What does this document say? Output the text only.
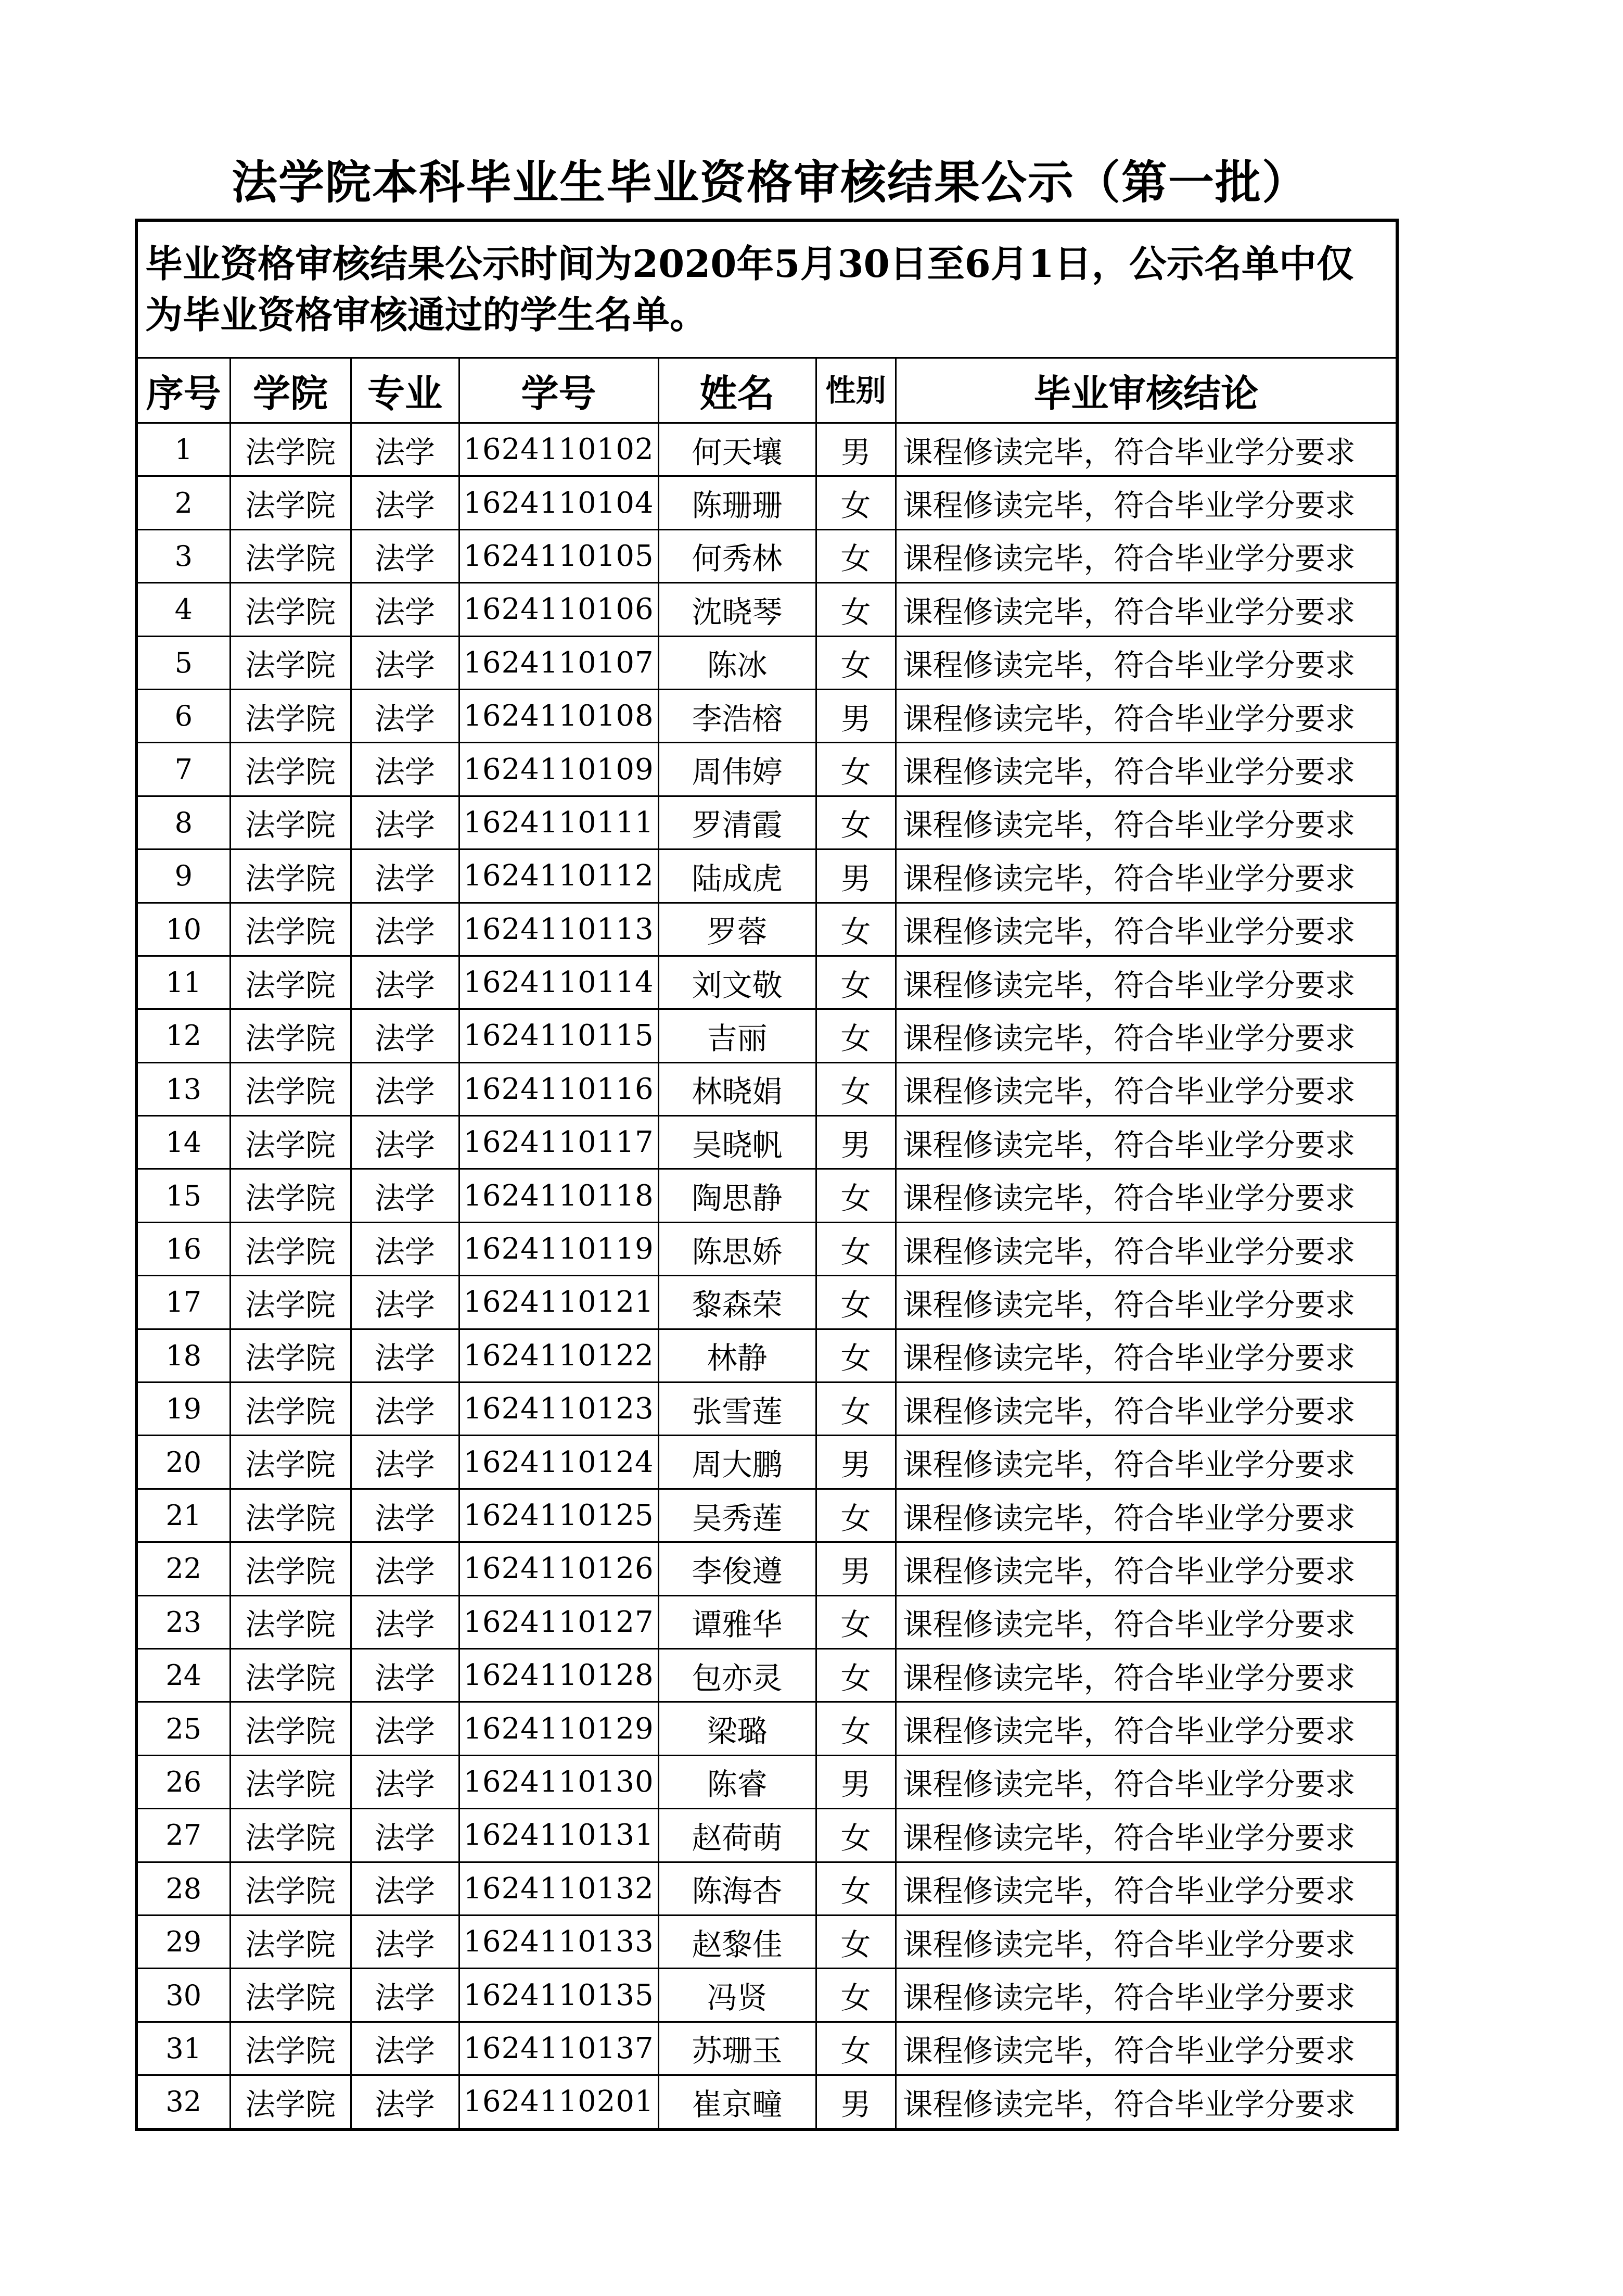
法学院本科毕业生毕业资格审核结果公示（第一批）
毕业资格审核结果公示时间为2020年5月30日至6月1日，公示名单中仅为毕业资格审核通过的学生名单。						
序号	学院	专业	学号	姓名	性别	毕业审核结论
1	法学院	法学	1624110102	何天壤	男	课程修读完毕，符合毕业学分要求
2	法学院	法学	1624110104	陈珊珊	女	课程修读完毕，符合毕业学分要求
3	法学院	法学	1624110105	何秀林	女	课程修读完毕，符合毕业学分要求
4	法学院	法学	1624110106	沈晓琴	女	课程修读完毕，符合毕业学分要求
5	法学院	法学	1624110107	陈冰	女	课程修读完毕，符合毕业学分要求
6	法学院	法学	1624110108	李浩榕	男	课程修读完毕，符合毕业学分要求
7	法学院	法学	1624110109	周伟婷	女	课程修读完毕，符合毕业学分要求
8	法学院	法学	1624110111	罗清霞	女	课程修读完毕，符合毕业学分要求
9	法学院	法学	1624110112	陆成虎	男	课程修读完毕，符合毕业学分要求
10	法学院	法学	1624110113	罗蓉	女	课程修读完毕，符合毕业学分要求
11	法学院	法学	1624110114	刘文敬	女	课程修读完毕，符合毕业学分要求
12	法学院	法学	1624110115	吉丽	女	课程修读完毕，符合毕业学分要求
13	法学院	法学	1624110116	林晓娟	女	课程修读完毕，符合毕业学分要求
14	法学院	法学	1624110117	吴晓帆	男	课程修读完毕，符合毕业学分要求
15	法学院	法学	1624110118	陶思静	女	课程修读完毕，符合毕业学分要求
16	法学院	法学	1624110119	陈思娇	女	课程修读完毕，符合毕业学分要求
17	法学院	法学	1624110121	黎森荣	女	课程修读完毕，符合毕业学分要求
18	法学院	法学	1624110122	林静	女	课程修读完毕，符合毕业学分要求
19	法学院	法学	1624110123	张雪莲	女	课程修读完毕，符合毕业学分要求
20	法学院	法学	1624110124	周大鹏	男	课程修读完毕，符合毕业学分要求
21	法学院	法学	1624110125	吴秀莲	女	课程修读完毕，符合毕业学分要求
22	法学院	法学	1624110126	李俊遵	男	课程修读完毕，符合毕业学分要求
23	法学院	法学	1624110127	谭雅华	女	课程修读完毕，符合毕业学分要求
24	法学院	法学	1624110128	包亦灵	女	课程修读完毕，符合毕业学分要求
25	法学院	法学	1624110129	梁璐	女	课程修读完毕，符合毕业学分要求
26	法学院	法学	1624110130	陈睿	男	课程修读完毕，符合毕业学分要求
27	法学院	法学	1624110131	赵荷萌	女	课程修读完毕，符合毕业学分要求
28	法学院	法学	1624110132	陈海杏	女	课程修读完毕，符合毕业学分要求
29	法学院	法学	1624110133	赵黎佳	女	课程修读完毕，符合毕业学分要求
30	法学院	法学	1624110135	冯贤	女	课程修读完毕，符合毕业学分要求
31	法学院	法学	1624110137	苏珊玉	女	课程修读完毕，符合毕业学分要求
32	法学院	法学	1624110201	崔京疃	男	课程修读完毕，符合毕业学分要求
